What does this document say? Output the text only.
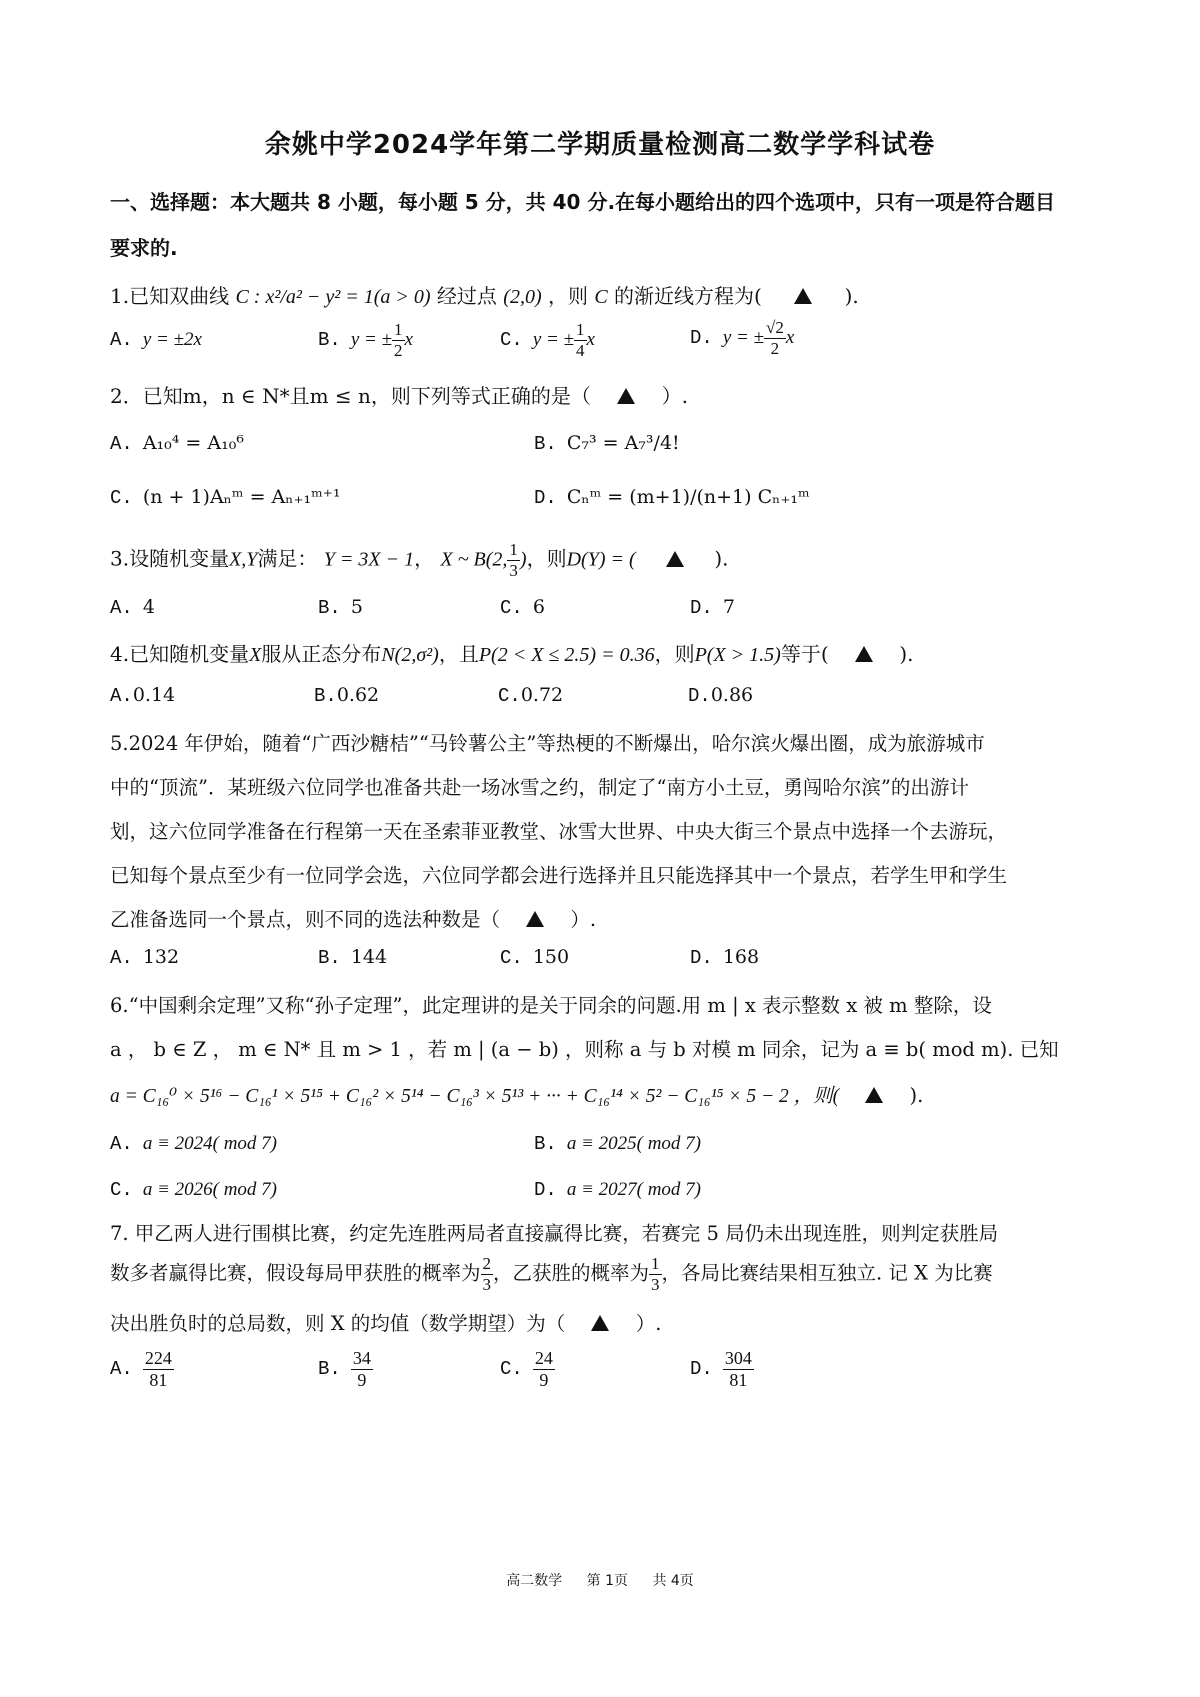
余姚中学2024学年第二学期质量检测高二数学学科试卷
一、选择题：本大题共 8 小题，每小题 5 分，共 40 分.在每小题给出的四个选项中，只有一项是符合题目
要求的.
1.已知双曲线 C : x²/a² − y² = 1(a > 0) 经过点 (2,0) ，则 C 的渐近线方程为(	).
A. y = ±2x	B. y = ± $\frac{1}{2}$ x	C. y = ± $\frac{1}{4}$ x	D. y = ± $\frac{√2}{2}$ x
2．已知m，n ∈ N*且m ≤ n，则下列等式正确的是（	）.
A. A₁₀⁴ = A₁₀⁶	B. C₇³ = A₇³/4!
C. (n + 1)Aₙᵐ = Aₙ₊₁ᵐ⁺¹	D. Cₙᵐ = (m+1)/(n+1) Cₙ₊₁ᵐ
3.设随机变量X,Y满足： Y = 3X − 1， X ~ B(2, $\frac{1}{3}$ )，则D(Y) = (	).
A. 4	B. 5	C. 6	D. 7
4.已知随机变量X服从正态分布N(2,σ²)，且P(2 < X ≤ 2.5) = 0.36，则P(X > 1.5)等于(	).
A.0.14	B.0.62	C.0.72	D.0.86
5.2024 年伊始，随着“广西沙糖桔”“马铃薯公主”等热梗的不断爆出，哈尔滨火爆出圈，成为旅游城市
中的“顶流”．某班级六位同学也准备共赴一场冰雪之约，制定了“南方小土豆，勇闯哈尔滨”的出游计
划，这六位同学准备在行程第一天在圣索菲亚教堂、冰雪大世界、中央大街三个景点中选择一个去游玩，
已知每个景点至少有一位同学会选，六位同学都会进行选择并且只能选择其中一个景点，若学生甲和学生
乙准备选同一个景点，则不同的选法种数是（	）.
A. 132	B. 144	C. 150	D. 168
6.“中国剩余定理”又称“孙子定理”，此定理讲的是关于同余的问题.用 m | x 表示整数 x 被 m 整除，设
a ， b ∈ Z ， m ∈ N* 且 m > 1 ，若 m | (a − b) ，则称 a 与 b 对模 m 同余，记为 a ≡ b( mod m). 已知
a = C₁₆⁰ × 5¹⁶ − C₁₆¹ × 5¹⁵ + C₁₆² × 5¹⁴ − C₁₆³ × 5¹³ + ··· + C₁₆¹⁴ × 5² − C₁₆¹⁵ × 5 − 2 ，则(	).
A. a ≡ 2024( mod 7)	B. a ≡ 2025( mod 7)
C. a ≡ 2026( mod 7)	D. a ≡ 2027( mod 7)
7. 甲乙两人进行围棋比赛，约定先连胜两局者直接赢得比赛，若赛完 5 局仍未出现连胜，则判定获胜局
数多者赢得比赛，假设每局甲获胜的概率为 $\frac{2}{3}$ ，乙获胜的概率为 $\frac{1}{3}$ ，各局比赛结果相互独立. 记 X 为比赛
决出胜负时的总局数，则 X 的均值（数学期望）为（	）.
A. $\frac{224}{81}$	B. $\frac{34}{9}$	C. $\frac{24}{9}$	D. $\frac{304}{81}$
高二数学 第 1页 共 4页
